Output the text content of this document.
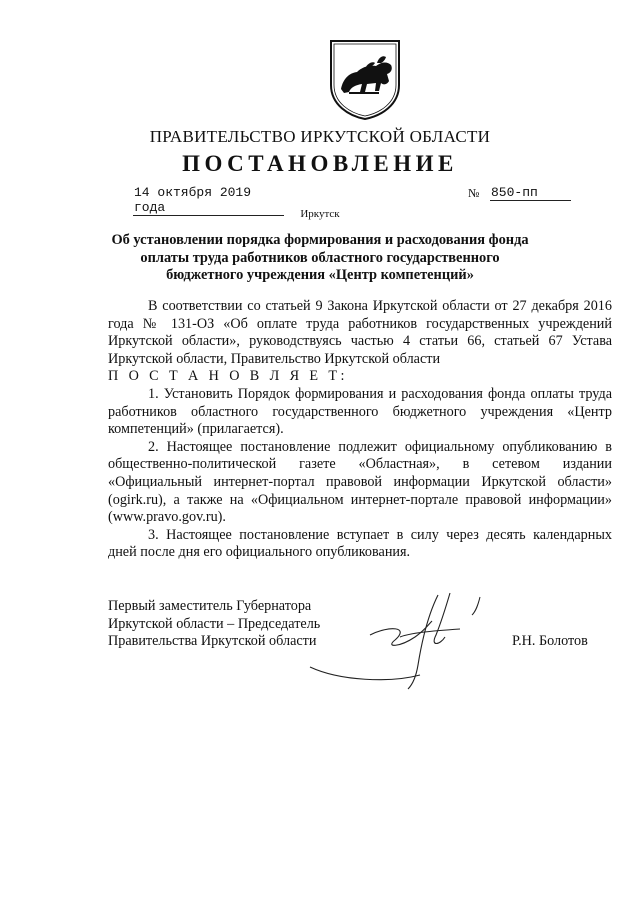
ПРАВИТЕЛЬСТВО ИРКУТСКОЙ ОБЛАСТИ
ПОСТАНОВЛЕНИЕ
14 октября 2019 года
№ 850-пп
Иркутск
Об установлении порядка формирования и расходования фонда оплаты труда работников областного государственного бюджетного учреждения «Центр компетенций»

В соответствии со статьей 9 Закона Иркутской области от 27 декабря 2016 года № 131-ОЗ «Об оплате труда работников государственных учреждений Иркутской области», руководствуясь частью 4 статьи 66, статьей 67 Устава Иркутской области, Правительство Иркутской области

П О С Т А Н О В Л Я Е Т:

1. Установить Порядок формирования и расходования фонда оплаты труда работников областного государственного бюджетного учреждения «Центр компетенций» (прилагается).

2. Настоящее постановление подлежит официальному опубликованию в общественно-политической газете «Областная», в сетевом издании «Официальный интернет-портал правовой информации Иркутской области» (ogirk.ru), а также на «Официальном интернет-портале правовой информации» (www.pravo.gov.ru).

3. Настоящее постановление вступает в силу через десять календарных дней после дня его официального опубликования.

Первый заместитель Губернатора
Иркутской области – Председатель
Правительства Иркутской области	Р.Н. Болотов
